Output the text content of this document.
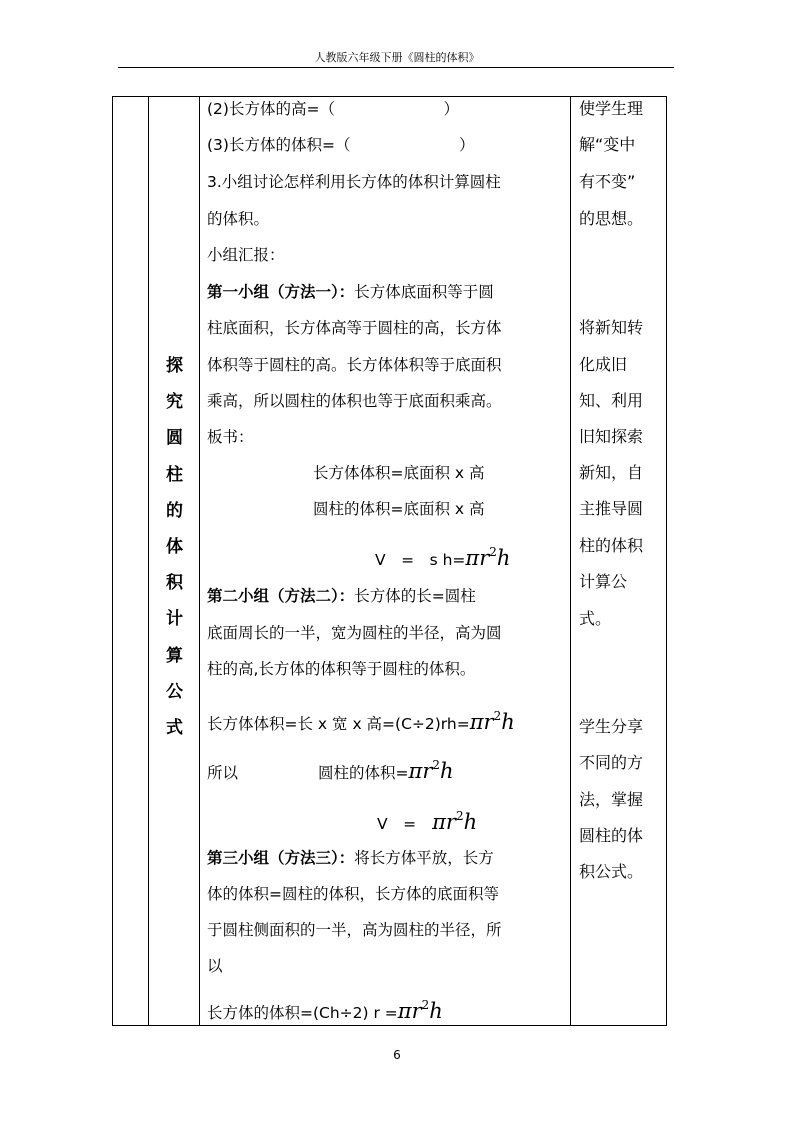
人教版六年级下册《圆柱的体积》
探
究
圆
柱
的
体
积
计
算
公
式
(2)长方体的高=（　　　　　　　）
(3)长方体的体积=（　　　　　　　）
3.小组讨论怎样利用长方体的体积计算圆柱
的体积。
小组汇报：
第一小组（方法一）：长方体底面积等于圆
柱底面积，长方体高等于圆柱的高，长方体
体积等于圆柱的高。长方体体积等于底面积
乘高，所以圆柱的体积也等于底面积乘高。
板书：
长方体体积=底面积 x 高
圆柱的体积=底面积 x 高
V　=　s $h=\pi r^2h$
第二小组（方法二）：长方体的长=圆柱
底面周长的一半，宽为圆柱的半径，高为圆
柱的高,长方体的体积等于圆柱的体积。
长方体体积=长 x 宽 x 高$=(C\div 2)rh=\pi r^2h$
所以	圆柱的体积$=\pi r^2h$
V　= $\pi r^2h$
第三小组（方法三）：将长方体平放，长方
体的体积=圆柱的体积，长方体的底面积等
于圆柱侧面积的一半，高为圆柱的半径，所
以
长方体的体积=(Ch÷2) $r =\pi r^2h$
使学生理
解“变中
有不变”
的思想。
将新知转
化成旧
知、利用
旧知探索
新知，自
主推导圆
柱的体积
计算公
式。
学生分享
不同的方
法，掌握
圆柱的体
积公式。
6
